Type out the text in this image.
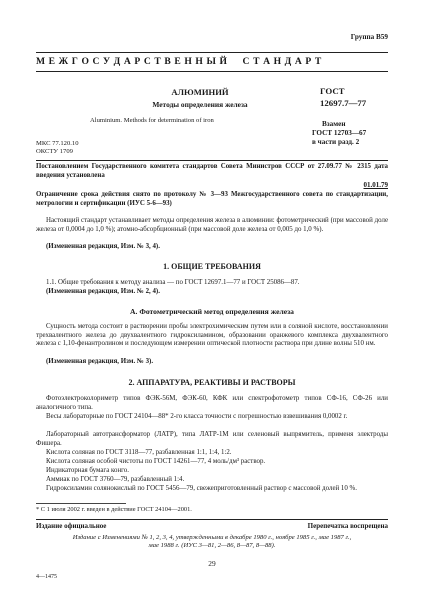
Группа В59
М Е Ж Г О С У Д А Р С Т В Е Н Н Ы Й     С Т А Н Д А Р Т
АЛЮМИНИЙ
Методы определения железа
Aluminium. Methods for determination of iron
ГОСТ
12697.7—77
Взамен
ГОСТ 12703—67
в части разд. 2
МКС 77.120.10
ОКСТУ 1709
Постановлением Государственного комитета стандартов Совета Министров СССР от 27.09.77 № 2315 дата введения установлена
01.01.79
Ограничение срока действия снято по протоколу № 3—93 Межгосударственного совета по стандартизации, метрологии и сертификации (ИУС 5-6—93)
Настоящий стандарт устанавливает методы определения железа в алюминии: фотометрический (при массовой доле железа от 0,0004 до 1,0 %); атомно-абсорбционный (при массовой доле железа от 0,005 до 1,0 %).
(Измененная редакция, Изм. № 3, 4).
1. ОБЩИЕ ТРЕБОВАНИЯ
1.1. Общие требования к методу анализа — по ГОСТ 12697.1—77 и ГОСТ 25086—87.
(Измененная редакция, Изм. № 2, 4).
А. Фотометрический метод определения железа
Сущность метода состоит в растворении пробы электрохимическим путем или в соляной кислоте, восстановлении трехвалентного железа до двухвалентного гидроксиламином, образовании оранжевого комплекса двухвалентного железа с 1,10-фенантролином и последующем измерении оптической плотности раствора при длине волны 510 нм.
(Измененная редакция, Изм. № 3).
2. АППАРАТУРА, РЕАКТИВЫ И РАСТВОРЫ
Фотоэлектроколориметр типов ФЭК-56М, ФЭК-60, КФК или спектрофотометр типов СФ-16, СФ-26 или аналогичного типа.
Весы лабораторные по ГОСТ 24104—88* 2-го класса точности с погрешностью взвешивания 0,0002 г.
Лабораторный автотрансформатор (ЛАТР), типа ЛАТР-1М или селеновый выпрямитель, применя электроды Фишера.
Кислота соляная по ГОСТ 3118—77, разбавленная 1:1, 1:4, 1:2.
Кислота соляная особой чистоты по ГОСТ 14261—77, 4 моль/дм³ раствор.
Индикаторная бумага конго.
Аммиак по ГОСТ 3760—79, разбавленный 1:4.
Гидроксиламин солянокислый по ГОСТ 5456—79, свежеприготовленный раствор с массовой долей 10 %.
* С 1 июля 2002 г. введен в действие ГОСТ 24104—2001.
Издание официальное	Перепечатка воспрещена
Издание с Изменениями № 1, 2, 3, 4, утвержденными в декабре 1980 г., ноябре 1985 г., мае 1987 г., мае 1988 г. (ИУС 3—81, 2—86, 8—87, 8—88).
29
4—1475
